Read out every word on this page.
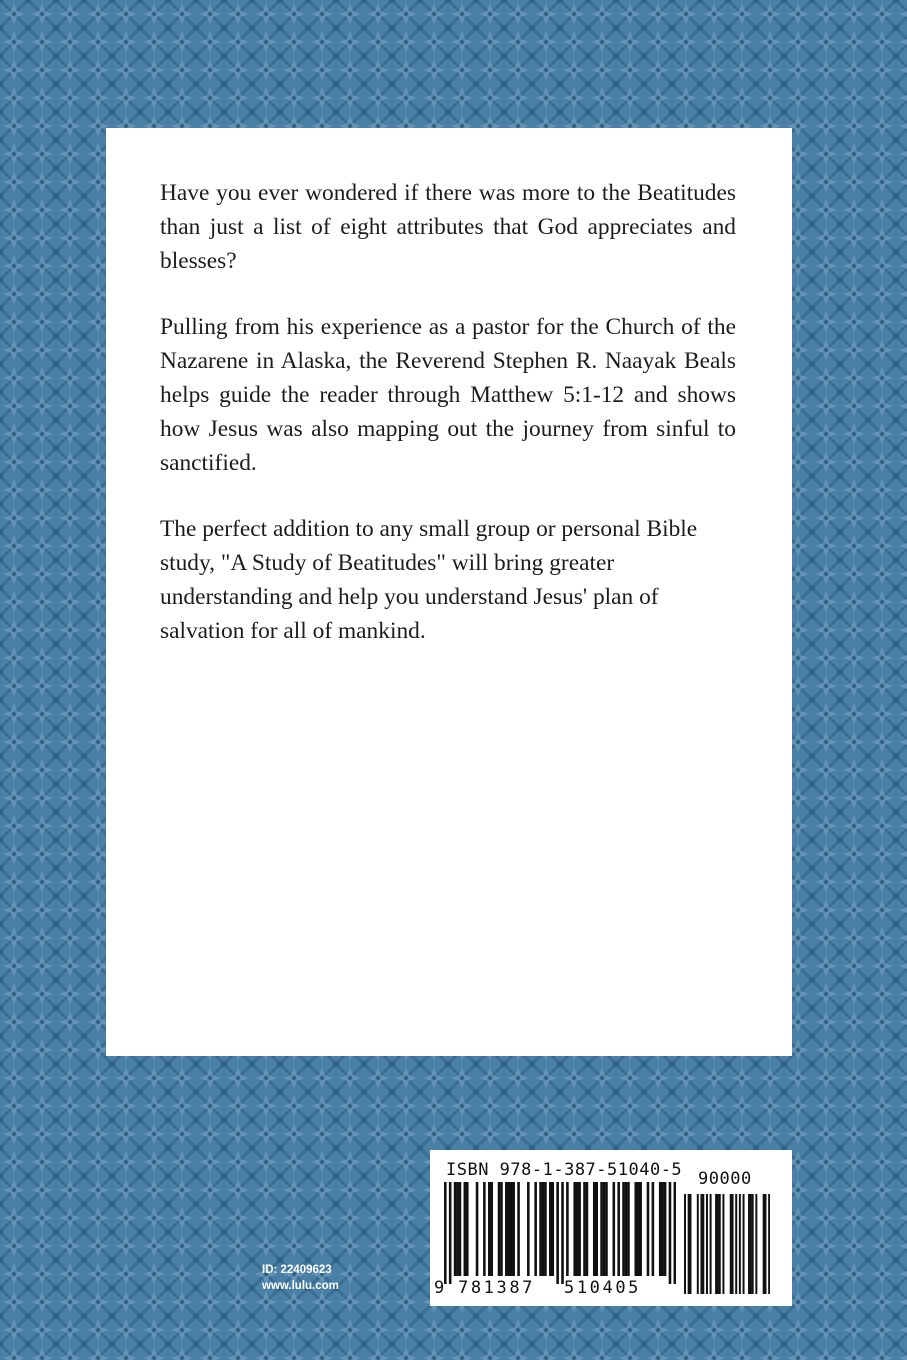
Have you ever wondered if there was more to the Beatitudes than just a list of eight attributes that God appreciates and blesses?

Pulling from his experience as a pastor for the Church of the Nazarene in Alaska, the Reverend Stephen R. Naayak Beals helps guide the reader through Matthew 5:1-12 and shows how Jesus was also mapping out the journey from sinful to sanctified.

The perfect addition to any small group or personal Bible study, "A Study of Beatitudes" will bring greater understanding and help you understand Jesus' plan of salvation for all of mankind.

ID: 22409623
www.lulu.com
ISBN 978-1-387-51040-5 90000
9 781387 510405
